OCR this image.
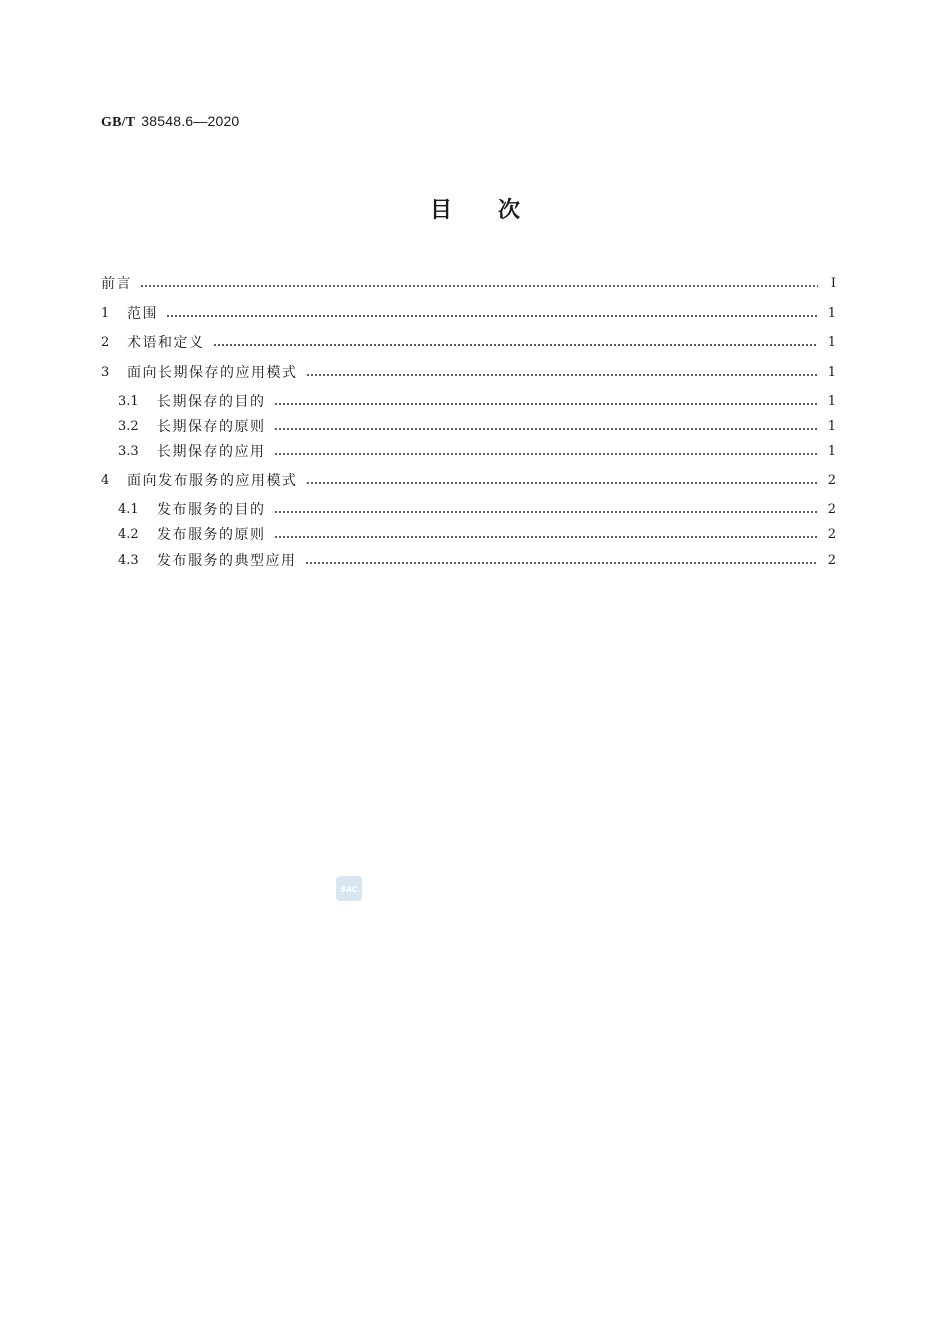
GB/T 38548.6—2020
目次
前言	Ⅰ
1	范围	1
2	术语和定义	1
3	面向长期保存的应用模式	1
3.1	长期保存的目的	1
3.2	长期保存的原则	1
3.3	长期保存的应用	1
4	面向发布服务的应用模式	2
4.1	发布服务的目的	2
4.2	发布服务的原则	2
4.3	发布服务的典型应用	2
SAC
